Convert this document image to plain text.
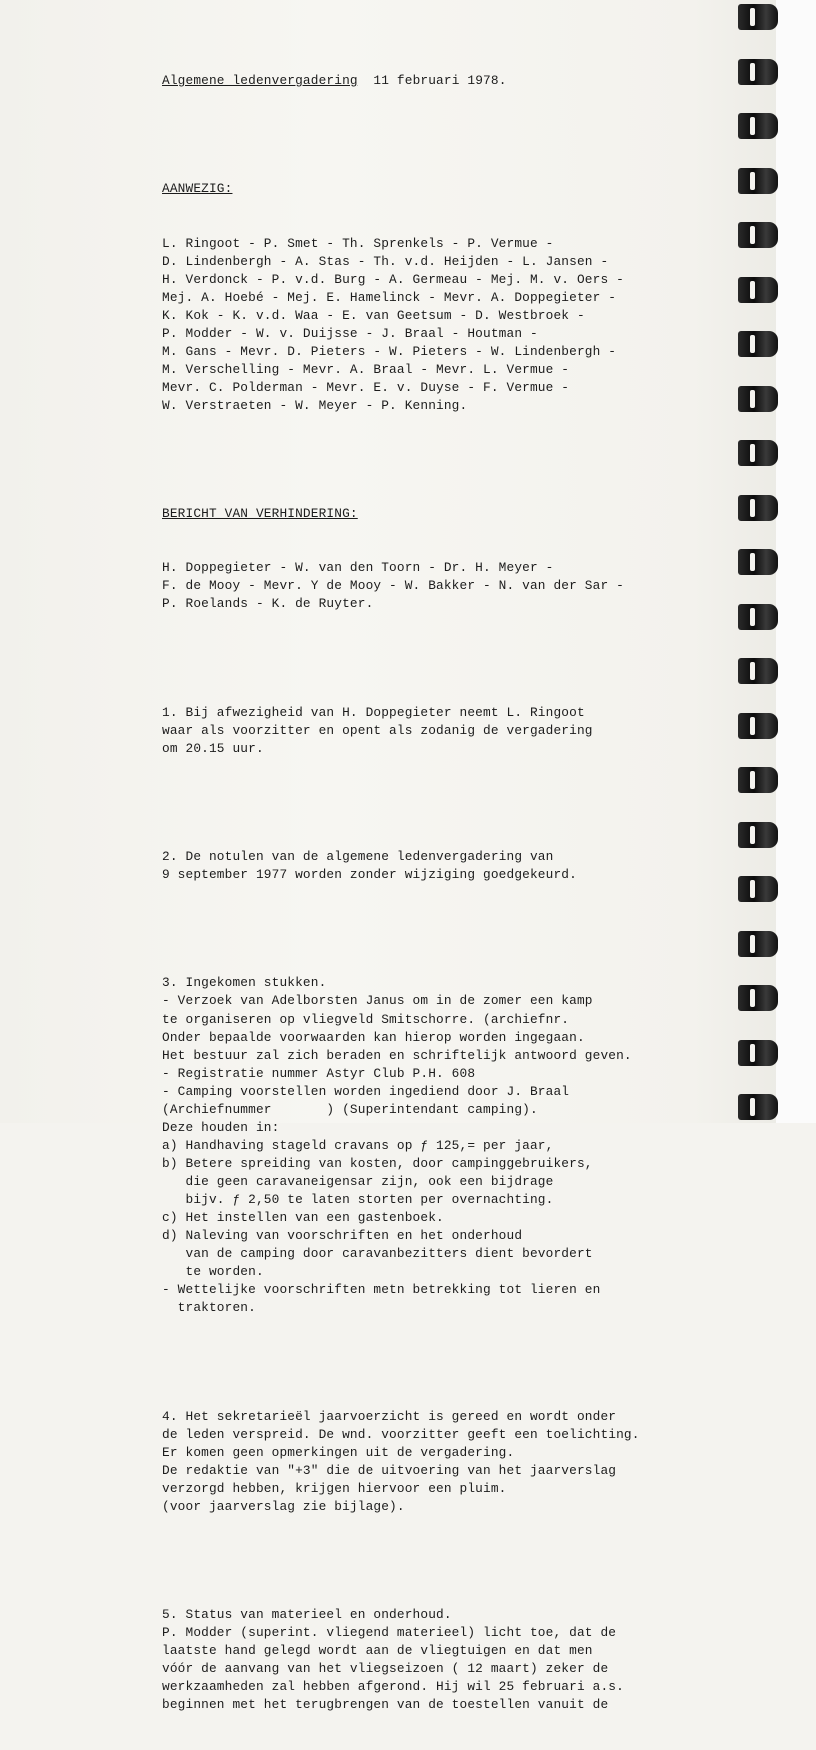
Algemene ledenvergadering 11 februari 1978.

AANWEZIG:

L. Ringoot - P. Smet - Th. Sprenkels - P. Vermue -
D. Lindenbergh - A. Stas - Th. v.d. Heijden - L. Jansen -
H. Verdonck - P. v.d. Burg - A. Germeau - Mej. M. v. Oers -
Mej. A. Hoebé - Mej. E. Hamelinck - Mevr. A. Doppegieter -
K. Kok - K. v.d. Waa - E. van Geetsum - D. Westbroek -
P. Modder - W. v. Duijsse - J. Braal - Houtman -
M. Gans - Mevr. D. Pieters - W. Pieters - W. Lindenbergh -
M. Verschelling - Mevr. A. Braal - Mevr. L. Vermue -
Mevr. C. Polderman - Mevr. E. v. Duyse - F. Vermue -
W. Verstraeten - W. Meyer - P. Kenning.

BERICHT VAN VERHINDERING:

H. Doppegieter - W. van den Toorn - Dr. H. Meyer -
F. de Mooy - Mevr. Y de Mooy - W. Bakker - N. van der Sar -
P. Roelands - K. de Ruyter.

1. Bij afwezigheid van H. Doppegieter neemt L. Ringoot
waar als voorzitter en opent als zodanig de vergadering
om 20.15 uur.

2. De notulen van de algemene ledenvergadering van
9 september 1977 worden zonder wijziging goedgekeurd.

3. Ingekomen stukken.
- Verzoek van Adelborsten Janus om in de zomer een kamp
te organiseren op vliegveld Smitschorre. (archiefnr.
Onder bepaalde voorwaarden kan hierop worden ingegaan.
Het bestuur zal zich beraden en schriftelijk antwoord geven.
- Registratie nummer Astyr Club P.H. 608
- Camping voorstellen worden ingediend door J. Braal
(Archiefnummer       ) (Superintendant camping).
Deze houden in:
a) Handhaving stageld cravans op ƒ 125,= per jaar,
b) Betere spreiding van kosten, door campinggebruikers,
die geen caravaneigensar zijn, ook een bijdrage
bijv. ƒ 2,50 te laten storten per overnachting.
c) Het instellen van een gastenboek.
d) Naleving van voorschriften en het onderhoud
van de camping door caravanbezitters dient bevordert
te worden.
- Wettelijke voorschriften metn betrekking tot lieren en
traktoren.

4. Het sekretarieël jaarvoerzicht is gereed en wordt onder
de leden verspreid. De wnd. voorzitter geeft een toelichting.
Er komen geen opmerkingen uit de vergadering.
De redaktie van "+3" die de uitvoering van het jaarverslag
verzorgd hebben, krijgen hiervoor een pluim.
(voor jaarverslag zie bijlage).

5. Status van materieel en onderhoud.
P. Modder (superint. vliegend materieel) licht toe, dat de
laatste hand gelegd wordt aan de vliegtuigen en dat men
vóór de aanvang van het vliegseizoen ( 12 maart) zeker de
werkzaamheden zal hebben afgerond. Hij wil 25 februari a.s.
beginnen met het terugbrengen van de toestellen vanuit de
